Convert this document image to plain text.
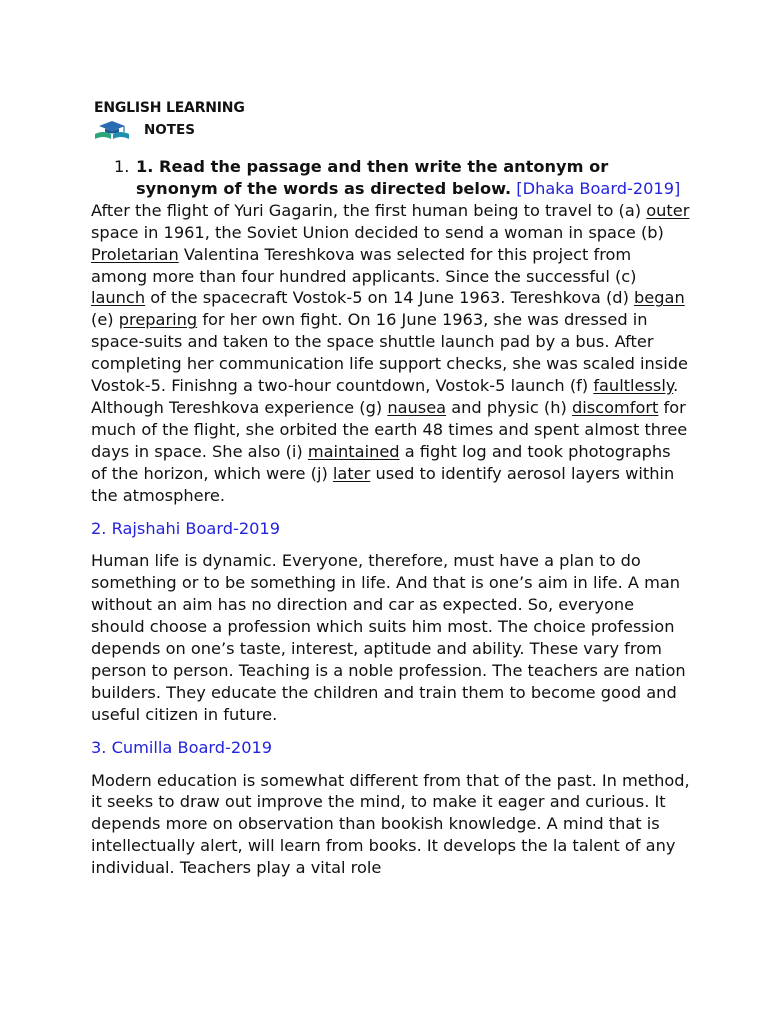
ENGLISH LEARNING
NOTES
1. 1. Read the passage and then write the antonym or synonym of the words as directed below. [Dhaka Board-2019]

After the flight of Yuri Gagarin, the first human being to travel to (a) outer space in 1961, the Soviet Union decided to send a woman in space (b) Proletarian Valentina Tereshkova was selected for this project from among more than four hundred applicants. Since the successful (c) launch of the spacecraft Vostok-5 on 14 June 1963. Tereshkova (d) began (e) preparing for her own fight. On 16 June 1963, she was dressed in space-suits and taken to the space shuttle launch pad by a bus. After completing her communication life support checks, she was scaled inside Vostok-5. Finishng a two-hour countdown, Vostok-5 launch (f) faultlessly. Although Tereshkova experience (g) nausea and physic (h) discomfort for much of the flight, she orbited the earth 48 times and spent almost three days in space. She also (i) maintained a fight log and took photographs of the horizon, which were (j) later used to identify aerosol layers within the atmosphere.

2. Rajshahi Board-2019

Human life is dynamic. Everyone, therefore, must have a plan to do something or to be something in life. And that is one’s aim in life. A man without an aim has no direction and car as expected. So, everyone should choose a profession which suits him most. The choice profession depends on one’s taste, interest, aptitude and ability. These vary from person to person. Teaching is a noble profession. The teachers are nation builders. They educate the children and train them to become good and useful citizen in future.

3. Cumilla Board-2019

Modern education is somewhat different from that of the past. In method, it seeks to draw out improve the mind, to make it eager and curious. It depends more on observation than bookish knowledge. A mind that is intellectually alert, will learn from books. It develops the la talent of any individual. Teachers play a vital role
